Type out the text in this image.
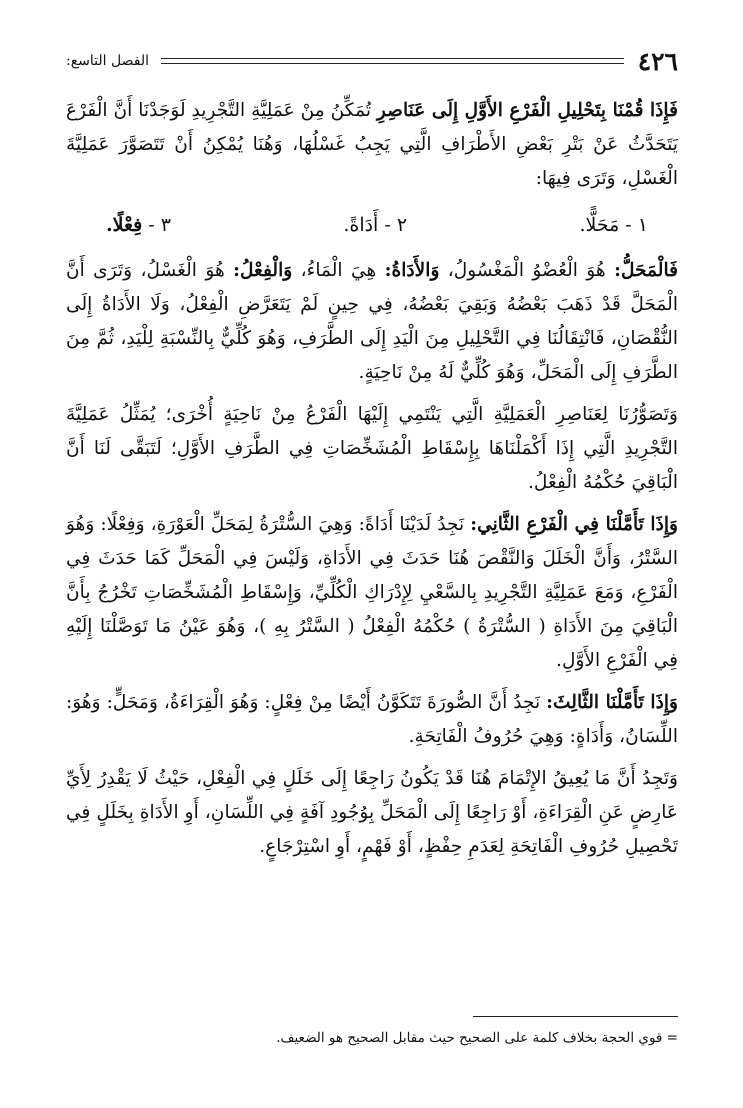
٤٢٦
الفصل التاسع:

فَإِذَا قُمْنَا بِتَحْلِيلِ الْفَرْعِ الأَوَّلِ إِلَى عَنَاصِرِ تُمَكِّنُ مِنْ عَمَلِيَّةِ التَّجْرِيدِ لَوَجَدْنَا أَنَّ الْفَرْعَ يَتَحَدَّثُ عَنْ بَتْرِ بَعْضِ الأَطْرَافِ الَّتِي يَجِبُ غَسْلُهَا، وَهُنَا يُمْكِنُ أَنْ تَتَصَوَّرَ عَمَلِيَّةَ الْغَسْلِ، وَتَرَى فِيهَا:

١ - مَحَلًّا.
٢ - أَدَاةً.
٣ - فِعْلًا.

فَالْمَحَلُّ: هُوَ الْعُضْوُ الْمَغْسُولُ، وَالأَدَاةُ: هِيَ الْمَاءُ، وَالْفِعْلُ: هُوَ الْغَسْلُ، وَتَرَى أَنَّ الْمَحَلَّ قَدْ ذَهَبَ بَعْضُهُ وَبَقِيَ بَعْضُهُ، فِي حِينٍ لَمْ يَتَعَرَّضِ الْفِعْلُ، وَلَا الأَدَاةُ إِلَى النُّقْصَانِ، فَانْتِقَالُنَا فِي التَّحْلِيلِ مِنَ الْيَدِ إِلَى الطَّرَفِ، وَهُوَ كُلِّيٌّ بِالنِّسْبَةِ لِلْيَدِ، ثُمَّ مِنَ الطَّرَفِ إِلَى الْمَحَلِّ، وَهُوَ كُلِّيٌّ لَهُ مِنْ نَاحِيَةٍ.

وَتَصَوُّرُنَا لِعَنَاصِرِ الْعَمَلِيَّةِ الَّتِي يَنْتَمِي إِلَيْهَا الْفَرْعُ مِنْ نَاحِيَةٍ أُخْرَى؛ يُمَثِّلُ عَمَلِيَّةَ التَّجْرِيدِ الَّتِي إِذَا أَكْمَلْنَاهَا بِإِسْقَاطِ الْمُشَخِّصَاتِ فِي الطَّرَفِ الأَوَّلِ؛ لَتَبَقَّى لَنَا أَنَّ الْبَاقِيَ حُكْمُهُ الْفِعْلُ.

وَإِذَا تَأَمَّلْنَا فِي الْفَرْعِ الثَّانِي: نَجِدُ لَدَيْنَا أَدَاةً: وَهِيَ السُّتْرَةُ لِمَحَلِّ الْعَوْرَةِ، وَفِعْلًا: وَهُوَ السَّتْرُ، وَأَنَّ الْخَلَلَ وَالنَّقْصَ هُنَا حَدَثَ فِي الأَدَاةِ، وَلَيْسَ فِي الْمَحَلِّ كَمَا حَدَثَ فِي الْفَرْعِ، وَمَعَ عَمَلِيَّةِ التَّجْرِيدِ بِالسَّعْيِ لِإِدْرَاكِ الْكُلِّيِّ، وَإِسْقَاطِ الْمُشَخِّصَاتِ تَخْرُجُ بِأَنَّ الْبَاقِيَ مِنَ الأَدَاةِ ( السُّتْرَةُ ) حُكْمُهُ الْفِعْلُ ( السَّتْرُ بِهِ )، وَهُوَ عَيْنُ مَا تَوَصَّلْنَا إِلَيْهِ فِي الْفَرْعِ الأَوَّلِ.

وَإِذَا تَأَمَّلْنَا الثَّالِثَ: نَجِدُ أَنَّ الصُّورَةَ تَتَكَوَّنُ أَيْضًا مِنْ فِعْلٍ: وَهُوَ الْقِرَاءَةُ، وَمَحَلٍّ: وَهُوَ: اللِّسَانُ، وَأَدَاةٍ: وَهِيَ حُرُوفُ الْفَاتِحَةِ.

وَتَجِدُ أَنَّ مَا يُعِيقُ الإِتْمَامَ هُنَا قَدْ يَكُونُ رَاجِعًا إِلَى خَلَلٍ فِي الْفِعْلِ، حَيْثُ لَا يَقْدِرُ لِأَيِّ عَارِضٍ عَنِ الْقِرَاءَةِ، أَوْ رَاجِعًا إِلَى الْمَحَلِّ بِوُجُودِ آفَةٍ فِي اللِّسَانِ، أَوِ الأَدَاةِ بِخَلَلٍ فِي تَحْصِيلِ حُرُوفِ الْفَاتِحَةِ لِعَدَمِ حِفْظٍ، أَوْ فَهْمٍ، أَوِ اسْتِرْجَاعٍ.

= قوي الحجة بخلاف كلمة على الصحيح حيث مقابل الصحيح هو الضعيف.
